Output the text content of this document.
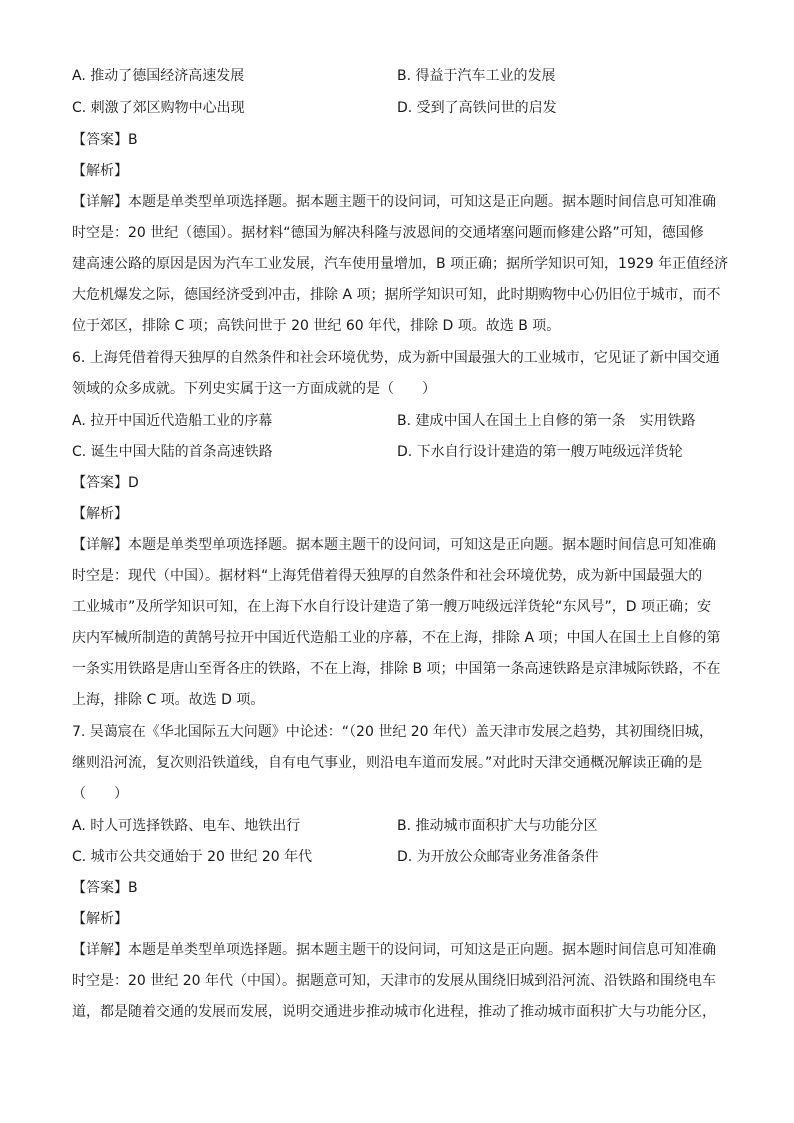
A. 推动了德国经济高速发展	B. 得益于汽车工业的发展
C. 刺激了郊区购物中心出现	D. 受到了高铁问世的启发
【答案】B
【解析】
【详解】本题是单类型单项选择题。据本题主题干的设问词，可知这是正向题。据本题时间信息可知准确
时空是：20 世纪（德国）。据材料“德国为解决科隆与波恩间的交通堵塞问题而修建公路”可知，德国修
建高速公路的原因是因为汽车工业发展，汽车使用量增加，B 项正确；据所学知识可知，1929 年正值经济
大危机爆发之际，德国经济受到冲击，排除 A 项；据所学知识可知，此时期购物中心仍旧位于城市，而不
位于郊区，排除 C 项；高铁问世于 20 世纪 60 年代，排除 D 项。故选 B 项。
6. 上海凭借着得天独厚的自然条件和社会环境优势，成为新中国最强大的工业城市，它见证了新中国交通
领域的众多成就。下列史实属于这一方面成就的是（　　）
A. 拉开中国近代造船工业的序幕	B. 建成中国人在国土上自修的第一条　实用铁路
C. 诞生中国大陆的首条高速铁路	D. 下水自行设计建造的第一艘万吨级远洋货轮
【答案】D
【解析】
【详解】本题是单类型单项选择题。据本题主题干的设问词，可知这是正向题。据本题时间信息可知准确
时空是：现代（中国）。据材料“上海凭借着得天独厚的自然条件和社会环境优势，成为新中国最强大的
工业城市”及所学知识可知，在上海下水自行设计建造了第一艘万吨级远洋货轮“东风号”，D 项正确；安
庆内军械所制造的黄鹄号拉开中国近代造船工业的序幕，不在上海，排除 A 项；中国人在国土上自修的第
一条实用铁路是唐山至胥各庄的铁路，不在上海，排除 B 项；中国第一条高速铁路是京津城际铁路，不在
上海，排除 C 项。故选 D 项。
7. 吴蔼宸在《华北国际五大问题》中论述：“（20 世纪 20 年代）盖天津市发展之趋势，其初围绕旧城，
继则沿河流，复次则沿铁道线，自有电气事业，则沿电车道而发展。”对此时天津交通概况解读正确的是
（　　）
A. 时人可选择铁路、电车、地铁出行	B. 推动城市面积扩大与功能分区
C. 城市公共交通始于 20 世纪 20 年代	D. 为开放公众邮寄业务准备条件
【答案】B
【解析】
【详解】本题是单类型单项选择题。据本题主题干的设问词，可知这是正向题。据本题时间信息可知准确
时空是：20 世纪 20 年代（中国）。据题意可知，天津市的发展从围绕旧城到沿河流、沿铁路和围绕电车
道，都是随着交通的发展而发展，说明交通进步推动城市化进程，推动了推动城市面积扩大与功能分区，
